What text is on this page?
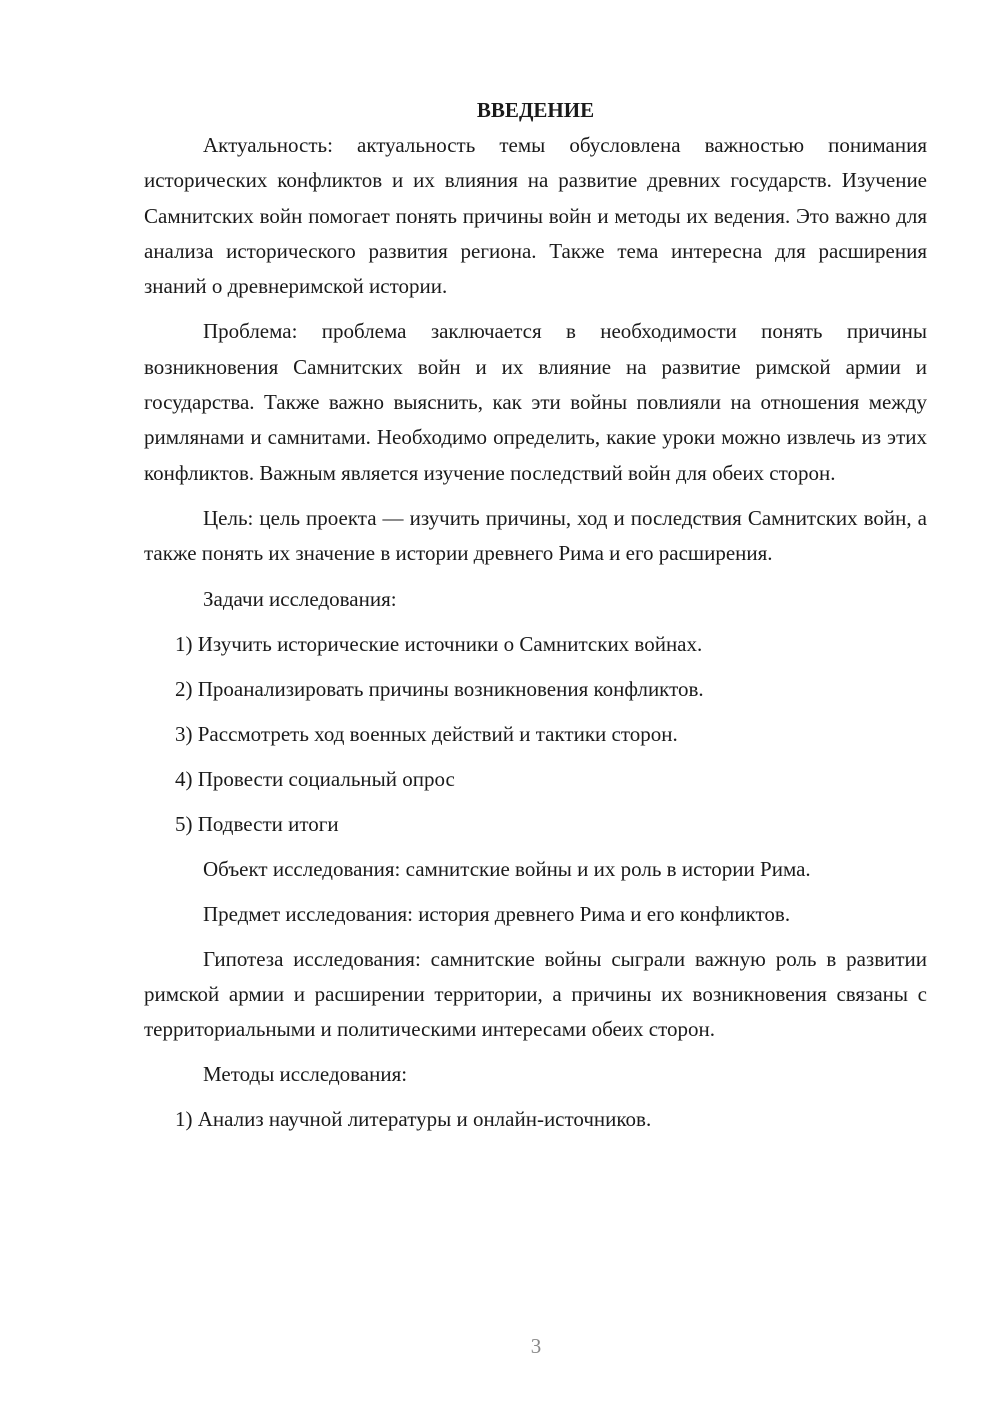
ВВЕДЕНИЕ

Актуальность: актуальность темы обусловлена важностью понимания исторических конфликтов и их влияния на развитие древних государств. Изучение Самнитских войн помогает понять причины войн и методы их ведения. Это важно для анализа исторического развития региона. Также тема интересна для расширения знаний о древнеримской истории.

Проблема: проблема заключается в необходимости понять причины возникновения Самнитских войн и их влияние на развитие римской армии и государства. Также важно выяснить, как эти войны повлияли на отношения между римлянами и самнитами. Необходимо определить, какие уроки можно извлечь из этих конфликтов. Важным является изучение последствий войн для обеих сторон.

Цель: цель проекта — изучить причины, ход и последствия Самнитских войн, а также понять их значение в истории древнего Рима и его расширения.

Задачи исследования:
1) Изучить исторические источники о Самнитских войнах.
2) Проанализировать причины возникновения конфликтов.
3) Рассмотреть ход военных действий и тактики сторон.
4) Провести социальный опрос
5) Подвести итоги
Объект исследования: самнитские войны и их роль в истории Рима.
Предмет исследования: история древнего Рима и его конфликтов.

Гипотеза исследования: самнитские войны сыграли важную роль в развитии римской армии и расширении территории, а причины их возникновения связаны с территориальными и политическими интересами обеих сторон.

Методы исследования:
1) Анализ научной литературы и онлайн-источников.
3
